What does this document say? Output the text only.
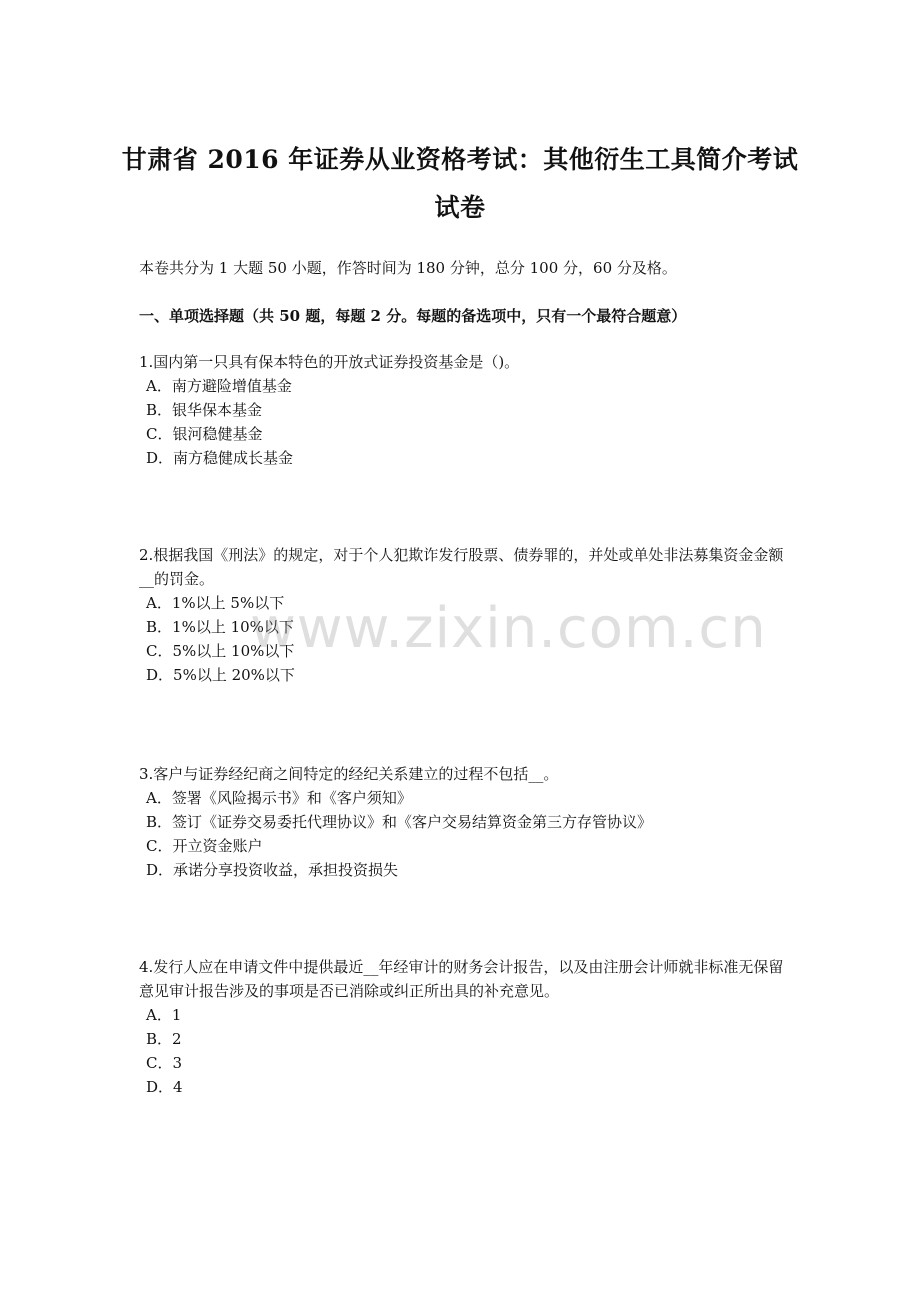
甘肃省 2016 年证券从业资格考试：其他衍生工具简介考试
试卷
本卷共分为 1 大题 50 小题，作答时间为 180 分钟，总分 100 分，60 分及格。
一、单项选择题（共 50 题，每题 2 分。每题的备选项中，只有一个最符合题意）

1.国内第一只具有保本特色的开放式证券投资基金是（)。

A．南方避险增值基金

B．银华保本基金

C．银河稳健基金

D．南方稳健成长基金

2.根据我国《刑法》的规定，对于个人犯欺诈发行股票、债券罪的，并处或单处非法募集资金金额__的罚金。

A．1%以上 5%以下

B．1%以上 10%以下

C．5%以上 10%以下

D．5%以上 20%以下

3.客户与证券经纪商之间特定的经纪关系建立的过程不包括__。

A．签署《风险揭示书》和《客户须知》

B．签订《证券交易委托代理协议》和《客户交易结算资金第三方存管协议》

C．开立资金账户

D．承诺分享投资收益，承担投资损失

4.发行人应在申请文件中提供最近__年经审计的财务会计报告，以及由注册会计师就非标准无保留意见审计报告涉及的事项是否已消除或纠正所出具的补充意见。

A．1

B．2

C．3

D．4

www.zixin.com.cn
